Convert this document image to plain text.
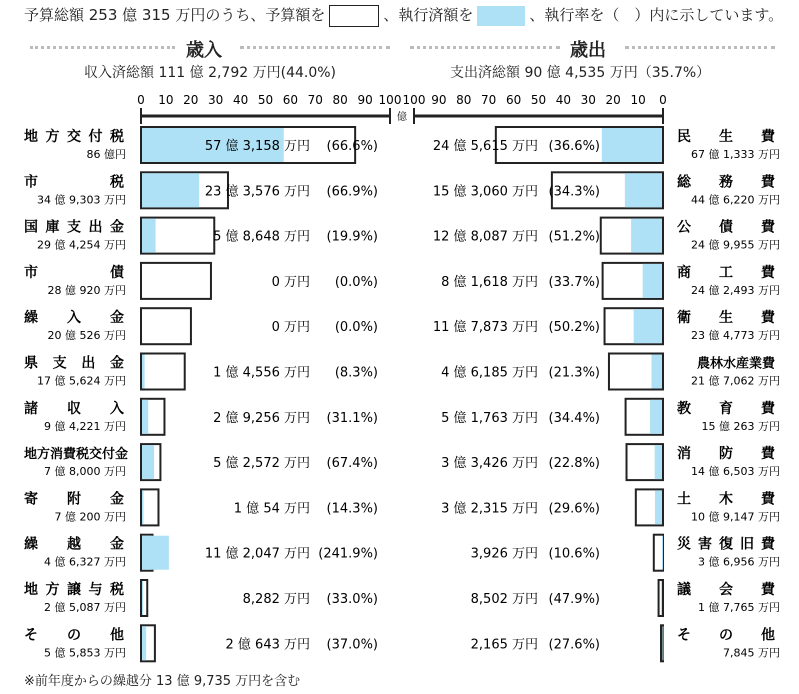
予算総額 253 億 315 万円のうち、予算額を	、執行済額を	、執行率を（　）内に示しています。
歳入
収入済総額 111 億 2,792 万円(44.0%)
歳出
支出済総額 90 億 4,535 万円（35.7%）
億
0 10 20 30 40 50 60 70 80 90 100 100 90 80 70 60 50 40 30 20 10 0
地方交付税
86 億円
57 億 3,158 万円 (66.6%)
市税
34 億 9,303 万円
23 億 3,576 万円 (66.9%)
国庫支出金
29 億 4,254 万円
5 億 8,648 万円 (19.9%)
市債
28 億 920 万円
0 万円 (0.0%)
繰入金
20 億 526 万円
0 万円 (0.0%)
県支出金
17 億 5,624 万円
1 億 4,556 万円 (8.3%)
諸収入
9 億 4,221 万円
2 億 9,256 万円 (31.1%)
地方消費税交付金
7 億 8,000 万円
5 億 2,572 万円 (67.4%)
寄附金
7 億 200 万円
1 億 54 万円 (14.3%)
繰越金
4 億 6,327 万円
11 億 2,047 万円 (241.9%)
地方譲与税
2 億 5,087 万円
8,282 万円 (33.0%)
その他
5 億 5,853 万円
2 億 643 万円 (37.0%)
24 億 5,615 万円 (36.6%)
民生費
67 億 1,333 万円
15 億 3,060 万円 (34.3%)
総務費
44 億 6,220 万円
12 億 8,087 万円 (51.2%)
公債費
24 億 9,955 万円
8 億 1,618 万円 (33.7%)
商工費
24 億 2,493 万円
11 億 7,873 万円 (50.2%)
衛生費
23 億 4,773 万円
4 億 6,185 万円 (21.3%)
農林水産業費
21 億 7,062 万円
5 億 1,763 万円 (34.4%)
教育費
15 億 263 万円
3 億 3,426 万円 (22.8%)
消防費
14 億 6,503 万円
3 億 2,315 万円 (29.6%)
土木費
10 億 9,147 万円
3,926 万円 (10.6%)
災害復旧費
3 億 6,956 万円
8,502 万円 (47.9%)
議会費
1 億 7,765 万円
2,165 万円 (27.6%)
その他
7,845 万円
※前年度からの繰越分 13 億 9,735 万円を含む
